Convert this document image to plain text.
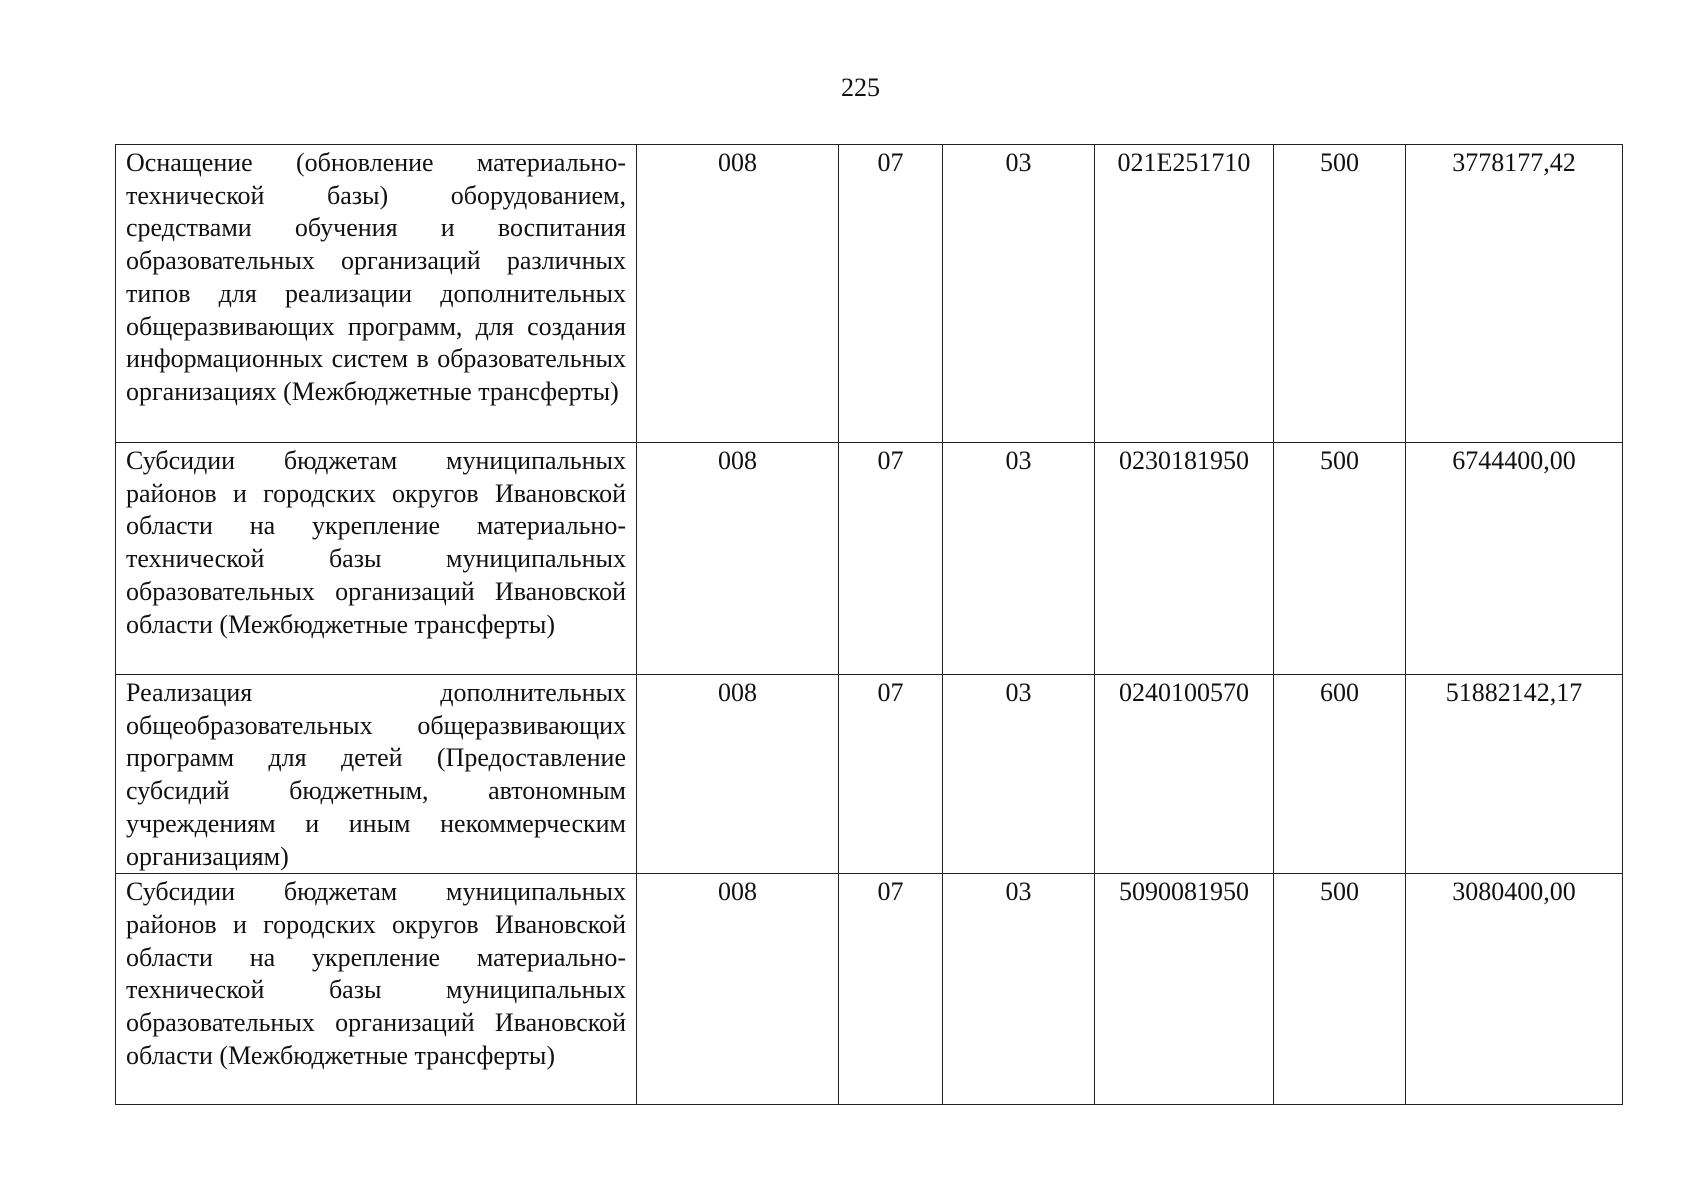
225
Оснащение (обновление материально-технической базы) оборудованием, средствами обучения и воспитания образовательных организаций различных типов для реализации дополнительных общеразвивающих программ, для создания информационных систем в образовательных организациях (Межбюджетные трансферты)	008	07	03	021E251710	500	3778177,42
Субсидии бюджетам муниципальных районов и городских округов Ивановской области на укрепление материально-технической базы муниципальных образовательных организаций Ивановской области (Межбюджетные трансферты)	008	07	03	0230181950	500	6744400,00
Реализация дополнительных общеобразовательных общеразвивающих программ для детей (Предоставление субсидий бюджетным, автономным учреждениям и иным некоммерческим организациям)	008	07	03	0240100570	600	51882142,17
Субсидии бюджетам муниципальных районов и городских округов Ивановской области на укрепление материально-технической базы муниципальных образовательных организаций Ивановской области (Межбюджетные трансферты)	008	07	03	5090081950	500	3080400,00
